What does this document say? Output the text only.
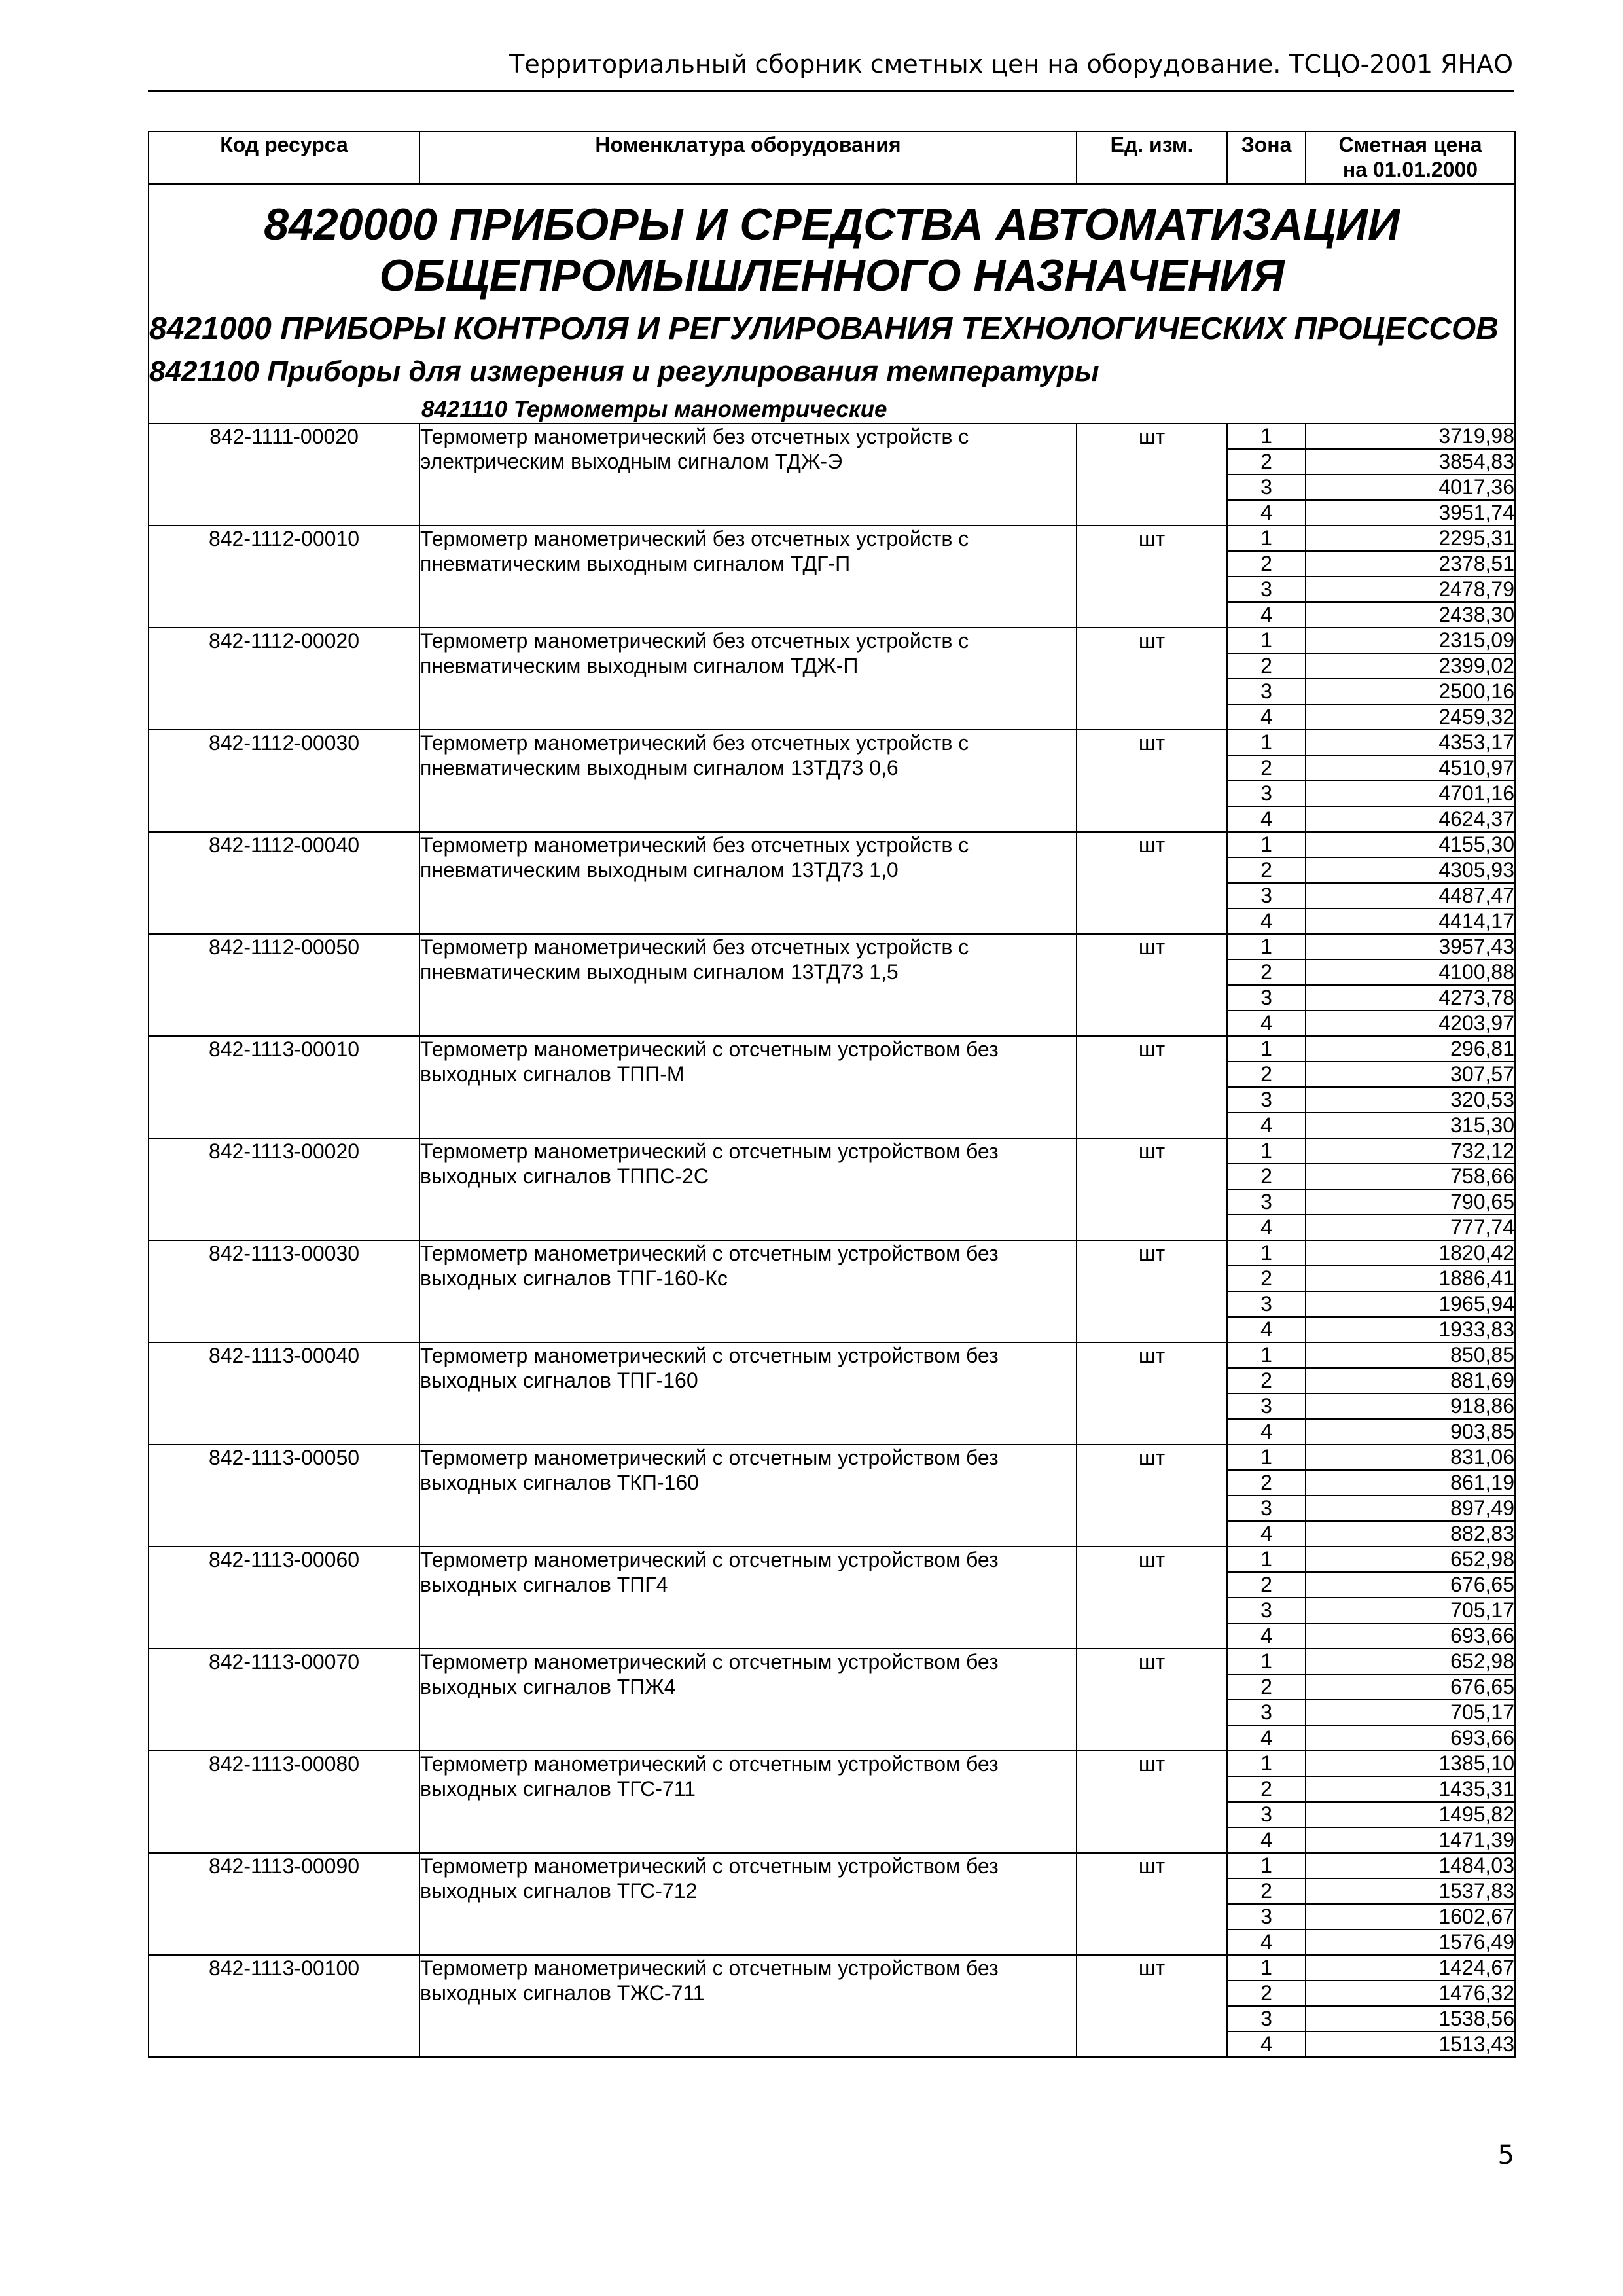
Территориальный сборник сметных цен на оборудование. ТСЦО-2001 ЯНАО
Код ресурса	Номенклатура оборудования	Ед. изм.	Зона	Сметная цена
на 01.01.2000

8420000 ПРИБОРЫ И СРЕДСТВА АВТОМАТИЗАЦИИ
ОБЩЕПРОМЫШЛЕННОГО НАЗНАЧЕНИЯ
8421000 ПРИБОРЫ КОНТРОЛЯ И РЕГУЛИРОВАНИЯ ТЕХНОЛОГИЧЕСКИХ ПРОЦЕССОВ
8421100 Приборы для измерения и регулирования температуры
8421110 Термометры манометрические				

842-1111-00020	Термометр манометрический без отсчетных устройств с
электрическим выходным сигналом ТДЖ-Э	шт	1	3719,98
			2	3854,83
			3	4017,36
			4	3951,74
842-1112-00010	Термометр манометрический без отсчетных устройств с
пневматическим выходным сигналом ТДГ-П	шт	1	2295,31
			2	2378,51
			3	2478,79
			4	2438,30
842-1112-00020	Термометр манометрический без отсчетных устройств с
пневматическим выходным сигналом ТДЖ-П	шт	1	2315,09
			2	2399,02
			3	2500,16
			4	2459,32
842-1112-00030	Термометр манометрический без отсчетных устройств с
пневматическим выходным сигналом 13ТД73 0,6	шт	1	4353,17
			2	4510,97
			3	4701,16
			4	4624,37
842-1112-00040	Термометр манометрический без отсчетных устройств с
пневматическим выходным сигналом 13ТД73 1,0	шт	1	4155,30
			2	4305,93
			3	4487,47
			4	4414,17
842-1112-00050	Термометр манометрический без отсчетных устройств с
пневматическим выходным сигналом 13ТД73 1,5	шт	1	3957,43
			2	4100,88
			3	4273,78
			4	4203,97
842-1113-00010	Термометр манометрический с отсчетным устройством без
выходных сигналов ТПП-М	шт	1	296,81
			2	307,57
			3	320,53
			4	315,30
842-1113-00020	Термометр манометрический с отсчетным устройством без
выходных сигналов ТППС-2С	шт	1	732,12
			2	758,66
			3	790,65
			4	777,74
842-1113-00030	Термометр манометрический с отсчетным устройством без
выходных сигналов ТПГ-160-Кс	шт	1	1820,42
			2	1886,41
			3	1965,94
			4	1933,83
842-1113-00040	Термометр манометрический с отсчетным устройством без
выходных сигналов ТПГ-160	шт	1	850,85
			2	881,69
			3	918,86
			4	903,85
842-1113-00050	Термометр манометрический с отсчетным устройством без
выходных сигналов ТКП-160	шт	1	831,06
			2	861,19
			3	897,49
			4	882,83
842-1113-00060	Термометр манометрический с отсчетным устройством без
выходных сигналов ТПГ4	шт	1	652,98
			2	676,65
			3	705,17
			4	693,66
842-1113-00070	Термометр манометрический с отсчетным устройством без
выходных сигналов ТПЖ4	шт	1	652,98
			2	676,65
			3	705,17
			4	693,66
842-1113-00080	Термометр манометрический с отсчетным устройством без
выходных сигналов ТГС-711	шт	1	1385,10
			2	1435,31
			3	1495,82
			4	1471,39
842-1113-00090	Термометр манометрический с отсчетным устройством без
выходных сигналов ТГС-712	шт	1	1484,03
			2	1537,83
			3	1602,67
			4	1576,49
842-1113-00100	Термометр манометрический с отсчетным устройством без
выходных сигналов ТЖС-711	шт	1	1424,67
			2	1476,32
			3	1538,56
			4	1513,43
5
